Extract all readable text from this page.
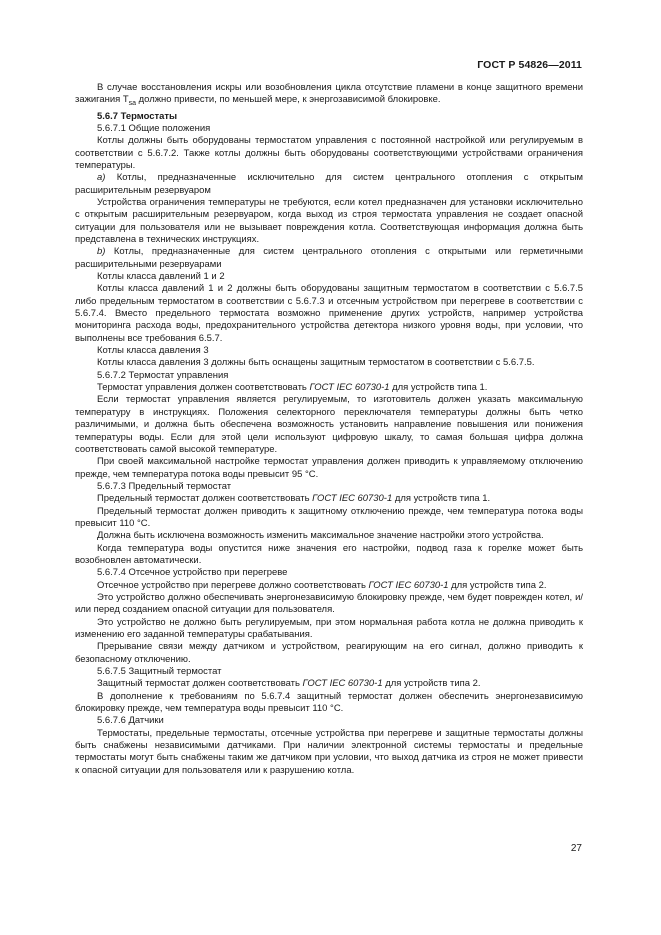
ГОСТ Р 54826—2011

В случае восстановления искры или возобновления цикла отсутствие пламени в конце защитного времени зажигания $T_{sa}$ должно привести, по меньшей мере, к энергозависимой блокировке.

5.6.7 Термостаты

5.6.7.1 Общие положения

Котлы должны быть оборудованы термостатом управления с постоянной настройкой или регулируемым в соответствии с 5.6.7.2. Также котлы должны быть оборудованы соответствующими устройствами ограничения температуры.

a) Котлы, предназначенные исключительно для систем центрального отопления с открытым расширительным резервуаром

Устройства ограничения температуры не требуются, если котел предназначен для установки исключительно с открытым расширительным резервуаром, когда выход из строя термостата управления не создает опасной ситуации для пользователя или не вызывает повреждения котла. Соответствующая информация должна быть представлена в технических инструкциях.

b) Котлы, предназначенные для систем центрального отопления с открытыми или герметичными расширительными резервуарами

Котлы класса давлений 1 и 2

Котлы класса давлений 1 и 2 должны быть оборудованы защитным термостатом в соответствии с 5.6.7.5 либо предельным термостатом в соответствии с 5.6.7.3 и отсечным устройством при перегреве в соответствии с 5.6.7.4. Вместо предельного термостата возможно применение других устройств, например устройства мониторинга расхода воды, предохранительного устройства детектора низкого уровня воды, при условии, что выполнены все требования 6.5.7.

Котлы класса давления 3

Котлы класса давления 3 должны быть оснащены защитным термостатом в соответствии с 5.6.7.5.

5.6.7.2 Термостат управления

Термостат управления должен соответствовать ГОСТ IEC 60730-1 для устройств типа 1.

Если термостат управления является регулируемым, то изготовитель должен указать максимальную температуру в инструкциях. Положения селекторного переключателя температуры должны быть четко различимыми, и должна быть обеспечена возможность установить направление повышения или понижения температуры воды. Если для этой цели используют цифровую шкалу, то самая большая цифра должна соответствовать самой высокой температуре.

При своей максимальной настройке термостат управления должен приводить к управляемому отключению прежде, чем температура потока воды превысит 95 °С.

5.6.7.3 Предельный термостат

Предельный термостат должен соответствовать ГОСТ IEC 60730-1 для устройств типа 1.

Предельный термостат должен приводить к защитному отключению прежде, чем температура потока воды превысит 110 °С.

Должна быть исключена возможность изменить максимальное значение настройки этого устройства.

Когда температура воды опустится ниже значения его настройки, подвод газа к горелке может быть возобновлен автоматически.

5.6.7.4 Отсечное устройство при перегреве

Отсечное устройство при перегреве должно соответствовать ГОСТ IEC 60730-1 для устройств типа 2.

Это устройство должно обеспечивать энергонезависимую блокировку прежде, чем будет поврежден котел, и/или перед созданием опасной ситуации для пользователя.

Это устройство не должно быть регулируемым, при этом нормальная работа котла не должна приводить к изменению его заданной температуры срабатывания.

Прерывание связи между датчиком и устройством, реагирующим на его сигнал, должно приводить к безопасному отключению.

5.6.7.5 Защитный термостат

Защитный термостат должен соответствовать ГОСТ IEC 60730-1 для устройств типа 2.

В дополнение к требованиям по 5.6.7.4 защитный термостат должен обеспечить энергонезависимую блокировку прежде, чем температура воды превысит 110 °С.

5.6.7.6 Датчики

Термостаты, предельные термостаты, отсечные устройства при перегреве и защитные термостаты должны быть снабжены независимыми датчиками. При наличии электронной системы термостаты и предельные термостаты могут быть снабжены таким же датчиком при условии, что выход датчика из строя не может привести к опасной ситуации для пользователя или к разрушению котла.

27
